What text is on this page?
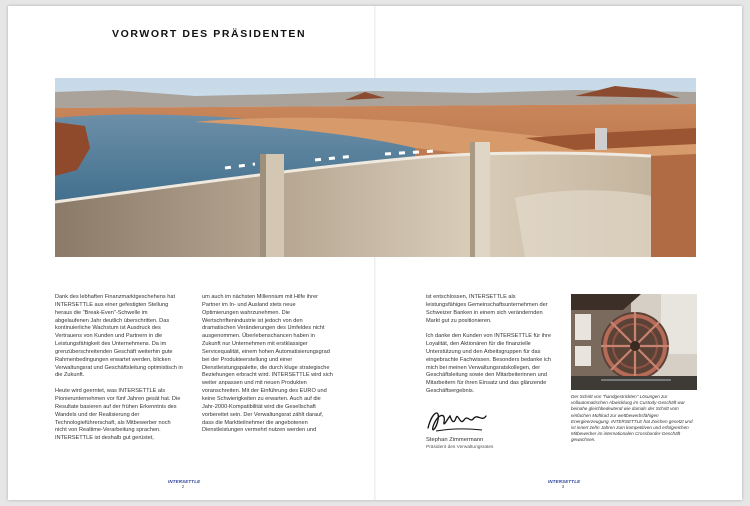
VORWORT DES PRÄSIDENTEN

Dank des lebhaften Finanzmarktgeschehens hat INTERSETTLE aus einer gefestigten Stellung heraus die "Break-Even"-Schwelle im abgelaufenen Jahr deutlich überschritten. Das kontinuierliche Wachstum ist Ausdruck des Vertrauens von Kunden und Partnern in die Leistungsfähigkeit des Unternehmens. Da im grenzüberschreitenden Geschäft weiterhin gute Rahmenbedingungen erwartet werden, blicken Verwaltungsrat und Geschäftsleitung optimistisch in die Zukunft.

Heute wird geerntet, was INTERSETTLE als Pionierunternehmen vor fünf Jahren gesät hat. Die Resultate basieren auf der frühen Erkenntnis des Wandels und der Realisierung der Technologieführerschaft, als Mitbewerber noch nicht von Realtime-Verarbeitung sprachen. INTERSETTLE ist deshalb gut gerüstet,

um auch im nächsten Millennium mit Hilfe ihrer Partner im In- und Ausland stets neue Optimierungen wahrzunehmen. Die Wertschriftenindustrie ist jedoch von den dramatischen Veränderungen des Umfeldes nicht ausgenommen. Überlebenschancen haben in Zukunft nur Unternehmen mit erstklassiger Servicequalität, einem hohen Automatisierungsgrad bei der Produkteerstellung und einer Dienstleistungspalette, die durch kluge strategische Beziehungen erbracht wird. INTERSETTLE wird sich weiter anpassen und mit neuen Produkten voranschreiten. Mit der Einführung des EURO und keine Schwierigkeiten zu erwarten. Auch auf die Jahr-2000-Kompatibilität wird die Gesellschaft vorbereitet sein. Der Verwaltungsrat zählt darauf, dass die Marktteilnehmer die angebotenen Dienstleistungen vermehrt nutzen werden und

ist entschlossen, INTERSETTLE als leistungsfähiges Gemeinschaftsunternehmen der Schweizer Banken in einem sich verändernden Markt gut zu positionieren.

Ich danke den Kunden von INTERSETTLE für ihre Loyalität, den Aktionären für die finanzielle Unterstützung und den Arbeitsgruppen für das eingebrachte Fachwissen. Besonders bedanke ich mich bei meinen Verwaltungsratskollegen, der Geschäftsleitung sowie den Mitarbeiterinnen und Mitarbeitern für ihren Einsatz und das glänzende Geschäftsergebnis.

Stephan Zimmermann
Präsident des Verwaltungsrates
Der Schritt von "handgestrickten" Lösungen zur vollautomatischen Abwicklung im Custody-Geschäft war beinahe gleichbedeutend wie damals der Schritt vom einfachen Mühlrad zur wettbewerbsfähigen Energieerzeugung. INTERSETTLE hat Zeichen gesetzt und ist innert zehn Jahren zum kompetitiven und erfolgreichen Mitbewerber im internationalen Crossborder-Geschäft gewachsen.
INTERSETTLE
2
INTERSETTLE
3
